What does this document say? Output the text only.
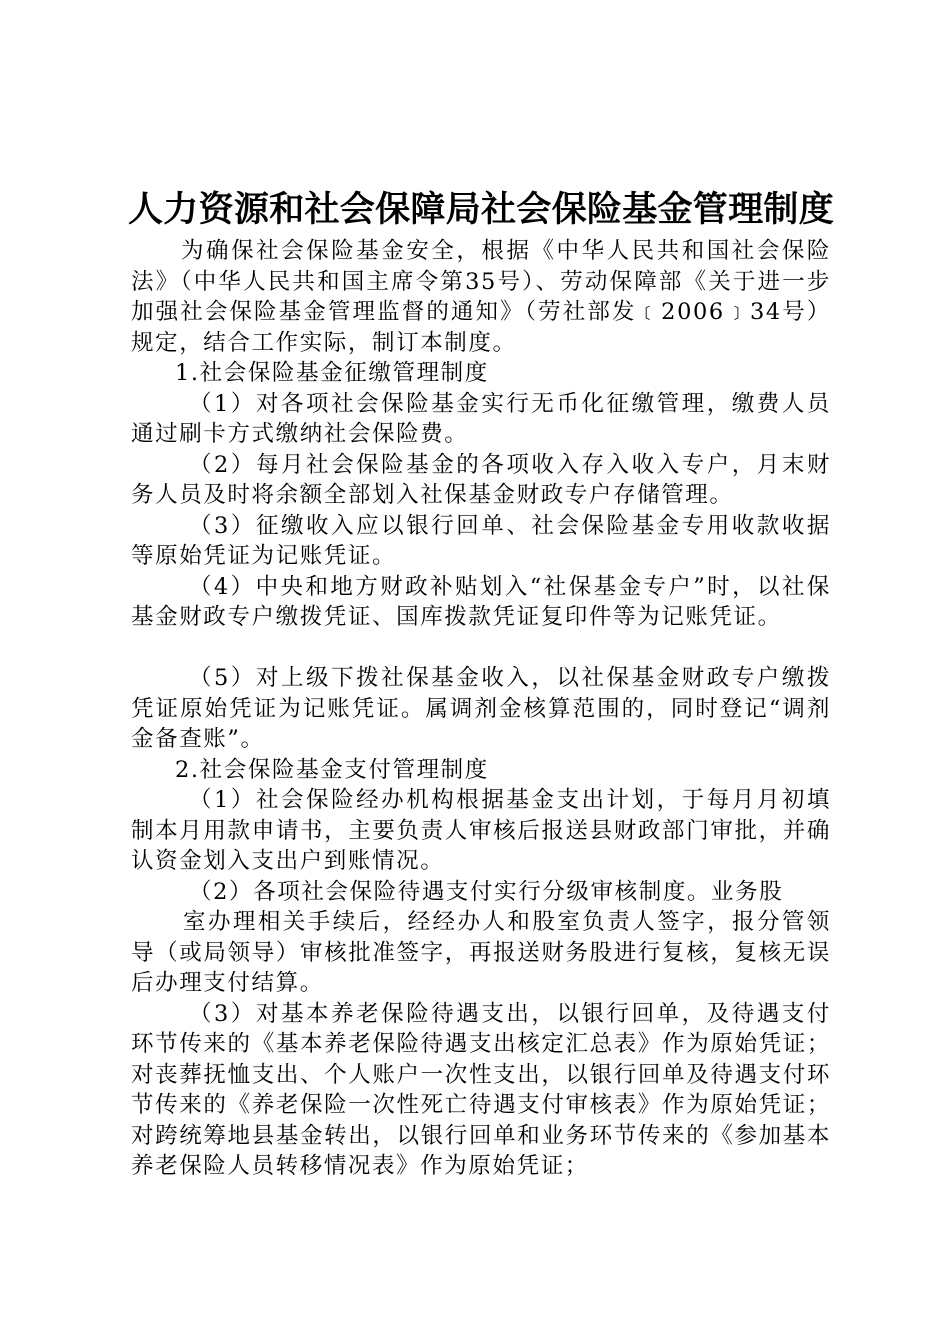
人力资源和社会保障局社会保险基金管理制度

为确保社会保险基金安全，根据《中华人民共和国社会保险法》（中华人民共和国主席令第35号）、劳动保障部《关于进一步加强社会保险基金管理监督的通知》（劳社部发﹝2006﹞34号）规定，结合工作实际，制订本制度。

1.社会保险基金征缴管理制度

（1）对各项社会保险基金实行无币化征缴管理，缴费人员通过刷卡方式缴纳社会保险费。

（2）每月社会保险基金的各项收入存入收入专户，月末财务人员及时将余额全部划入社保基金财政专户存储管理。

（3）征缴收入应以银行回单、社会保险基金专用收款收据等原始凭证为记账凭证。

（4）中央和地方财政补贴划入“社保基金专户”时，以社保基金财政专户缴拨凭证、国库拨款凭证复印件等为记账凭证。

（5）对上级下拨社保基金收入，以社保基金财政专户缴拨凭证原始凭证为记账凭证。属调剂金核算范围的，同时登记“调剂金备查账”。

2.社会保险基金支付管理制度

（1）社会保险经办机构根据基金支出计划，于每月月初填制本月用款申请书，主要负责人审核后报送县财政部门审批，并确认资金划入支出户到账情况。

（2）各项社会保险待遇支付实行分级审核制度。业务股

室办理相关手续后，经经办人和股室负责人签字，报分管领导（或局领导）审核批准签字，再报送财务股进行复核，复核无误后办理支付结算。

（3）对基本养老保险待遇支出，以银行回单，及待遇支付环节传来的《基本养老保险待遇支出核定汇总表》作为原始凭证；对丧葬抚恤支出、个人账户一次性支出，以银行回单及待遇支付环节传来的《养老保险一次性死亡待遇支付审核表》作为原始凭证；对跨统筹地县基金转出，以银行回单和业务环节传来的《参加基本养老保险人员转移情况表》作为原始凭证；
